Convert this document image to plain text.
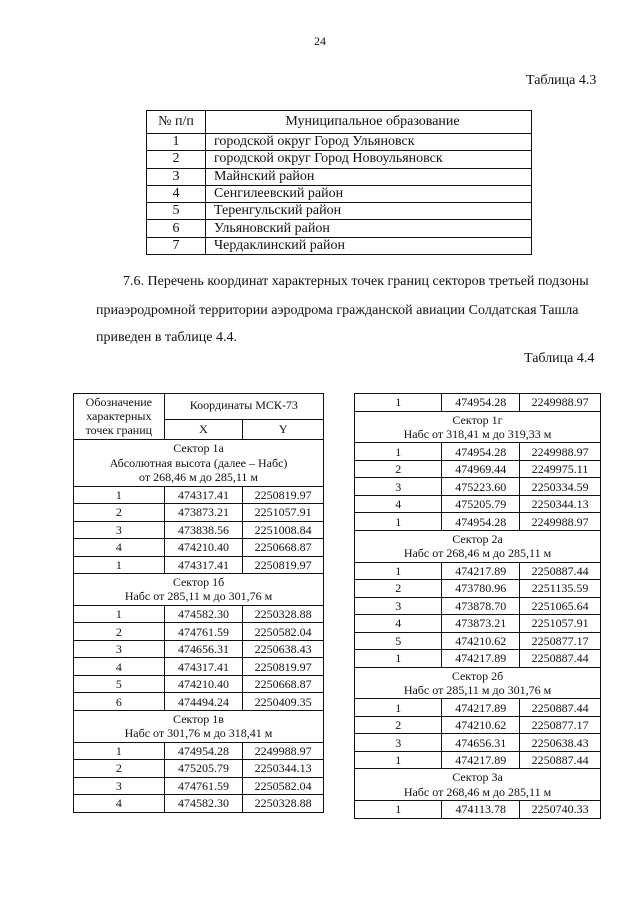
24
Таблица 4.3
№ п/п	Муниципальное образование
1	городской округ Город Ульяновск
2	городской округ Город Новоульяновск
3	Майнский район
4	Сенгилеевский район
5	Теренгульский район
6	Ульяновский район
7	Чердаклинский район
7.6. Перечень координат характерных точек границ секторов третьей подзоны
приаэродромной территории аэродрома гражданской авиации Солдатская Ташла
приведен в таблице 4.4.
Таблица 4.4
Обозначение характерных точек границ	Координаты МСК-73	
	X	Y

Сектор 1а
Абсолютная высота (далее – Набс)
от 268,46 м до 285,11 м		

1	474317.41	2250819.97
2	473873.21	2251057.91
3	473838.56	2251008.84
4	474210.40	2250668.87
1	474317.41	2250819.97

Сектор 1б
Набс от 285,11 м до 301,76 м		

1	474582.30	2250328.88
2	474761.59	2250582.04
3	474656.31	2250638.43
4	474317.41	2250819.97
5	474210.40	2250668.87
6	474494.24	2250409.35

Сектор 1в
Набс от 301,76 м до 318,41 м		

1	474954.28	2249988.97
2	475205.79	2250344.13
3	474761.59	2250582.04
4	474582.30	2250328.88
1	474954.28	2249988.97

Сектор 1г
Набс от 318,41 м до 319,33 м		

1	474954.28	2249988.97
2	474969.44	2249975.11
3	475223.60	2250334.59
4	475205.79	2250344.13
1	474954.28	2249988.97

Сектор 2а
Набс от 268,46 м до 285,11 м		

1	474217.89	2250887.44
2	473780.96	2251135.59
3	473878.70	2251065.64
4	473873.21	2251057.91
5	474210.62	2250877.17
1	474217.89	2250887.44

Сектор 2б
Набс от 285,11 м до 301,76 м		

1	474217.89	2250887.44
2	474210.62	2250877.17
3	474656.31	2250638.43
1	474217.89	2250887.44

Сектор 3а
Набс от 268,46 м до 285,11 м		

1	474113.78	2250740.33
